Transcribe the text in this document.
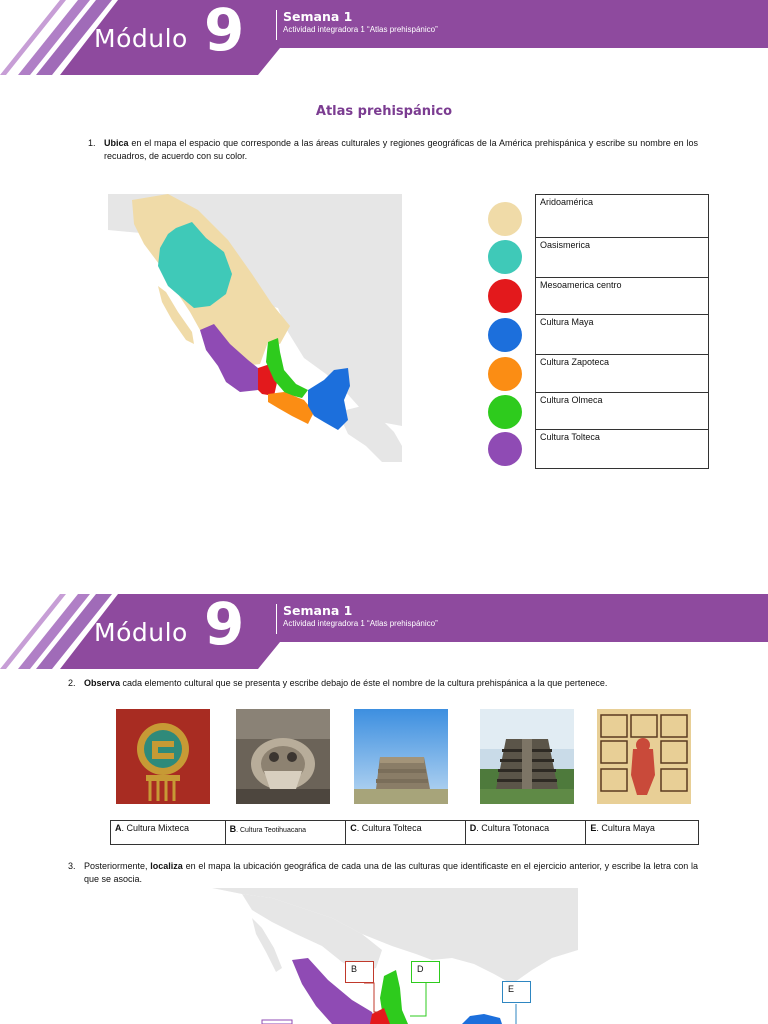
Módulo 9	Semana 1
Actividad integradora 1 “Atlas prehispánico”
Atlas prehispánico
1. Ubica en el mapa el espacio que corresponde a las áreas culturales y regiones geográficas de la América prehispánica y escribe su nombre en los recuadros, de acuerdo con su color.
Aridoamérica
Oasismerica
Mesoamerica centro
Cultura Maya
Cultura Zapoteca
Cultura Olmeca
Cultura Tolteca
Módulo 9	Semana 1
Actividad integradora 1 “Atlas prehispánico”
2. Observa cada elemento cultural que se presenta y escribe debajo de éste el nombre de la cultura prehispánica a la que pertenece.
A. Cultura Mixteca	B. Cultura Teotihuacana	C. Cultura Tolteca	D. Cultura Totonaca	E. Cultura Maya
3. Posteriormente, localiza en el mapa la ubicación geográfica de cada una de las culturas que identificaste en el ejercicio anterior, y escribe la letra con la que se asocia.
B	D
E
